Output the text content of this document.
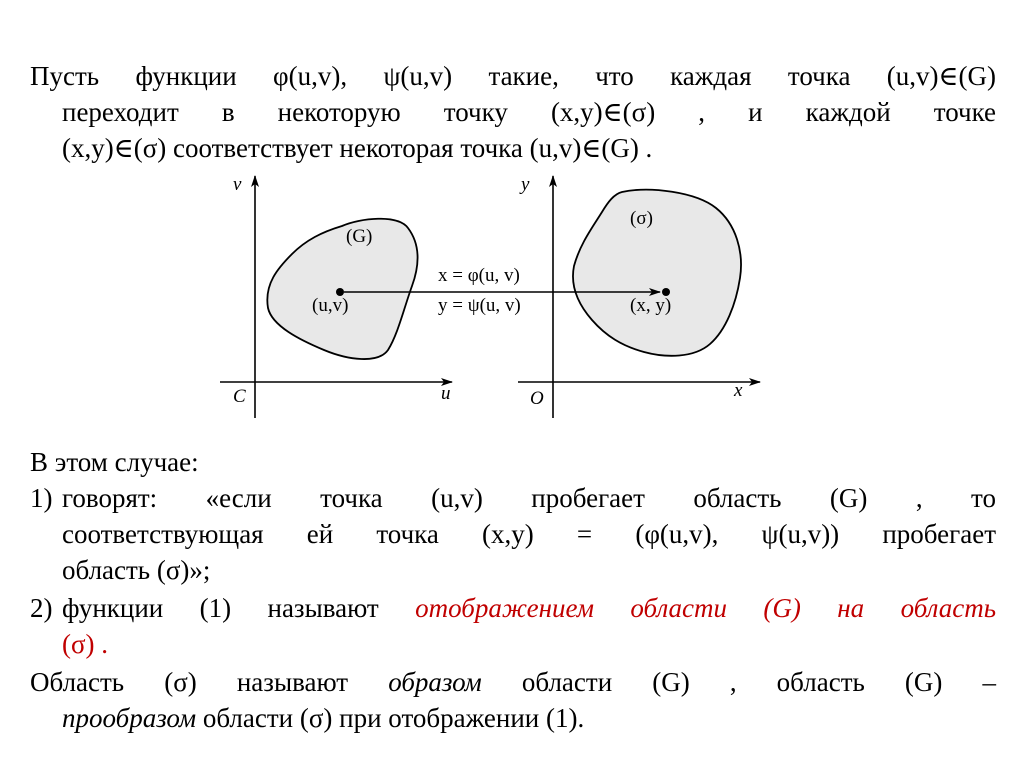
Пусть функции φ(u,v), ψ(u,v) такие, что каждая точка (u,v)∈(G)
переходит в некоторую точку (x,y)∈(σ) , и каждой точке
(x,y)∈(σ) соответствует некоторая точка (u,v)∈(G) .

v
u
C
(G)
(u,v)
y
x
O
(σ)
(x, y)
x = φ(u, v)
y = ψ(u, v)
В этом случае:
1) говорят: «если точка (u,v) пробегает область (G) , то
соответствующая ей точка (x,y) = (φ(u,v), ψ(u,v)) пробегает
область (σ)»;
2) функции (1) называют отображением области (G) на область
(σ) .

Область (σ) называют образом области (G) , область (G) –
прообразом области (σ) при отображении (1).
